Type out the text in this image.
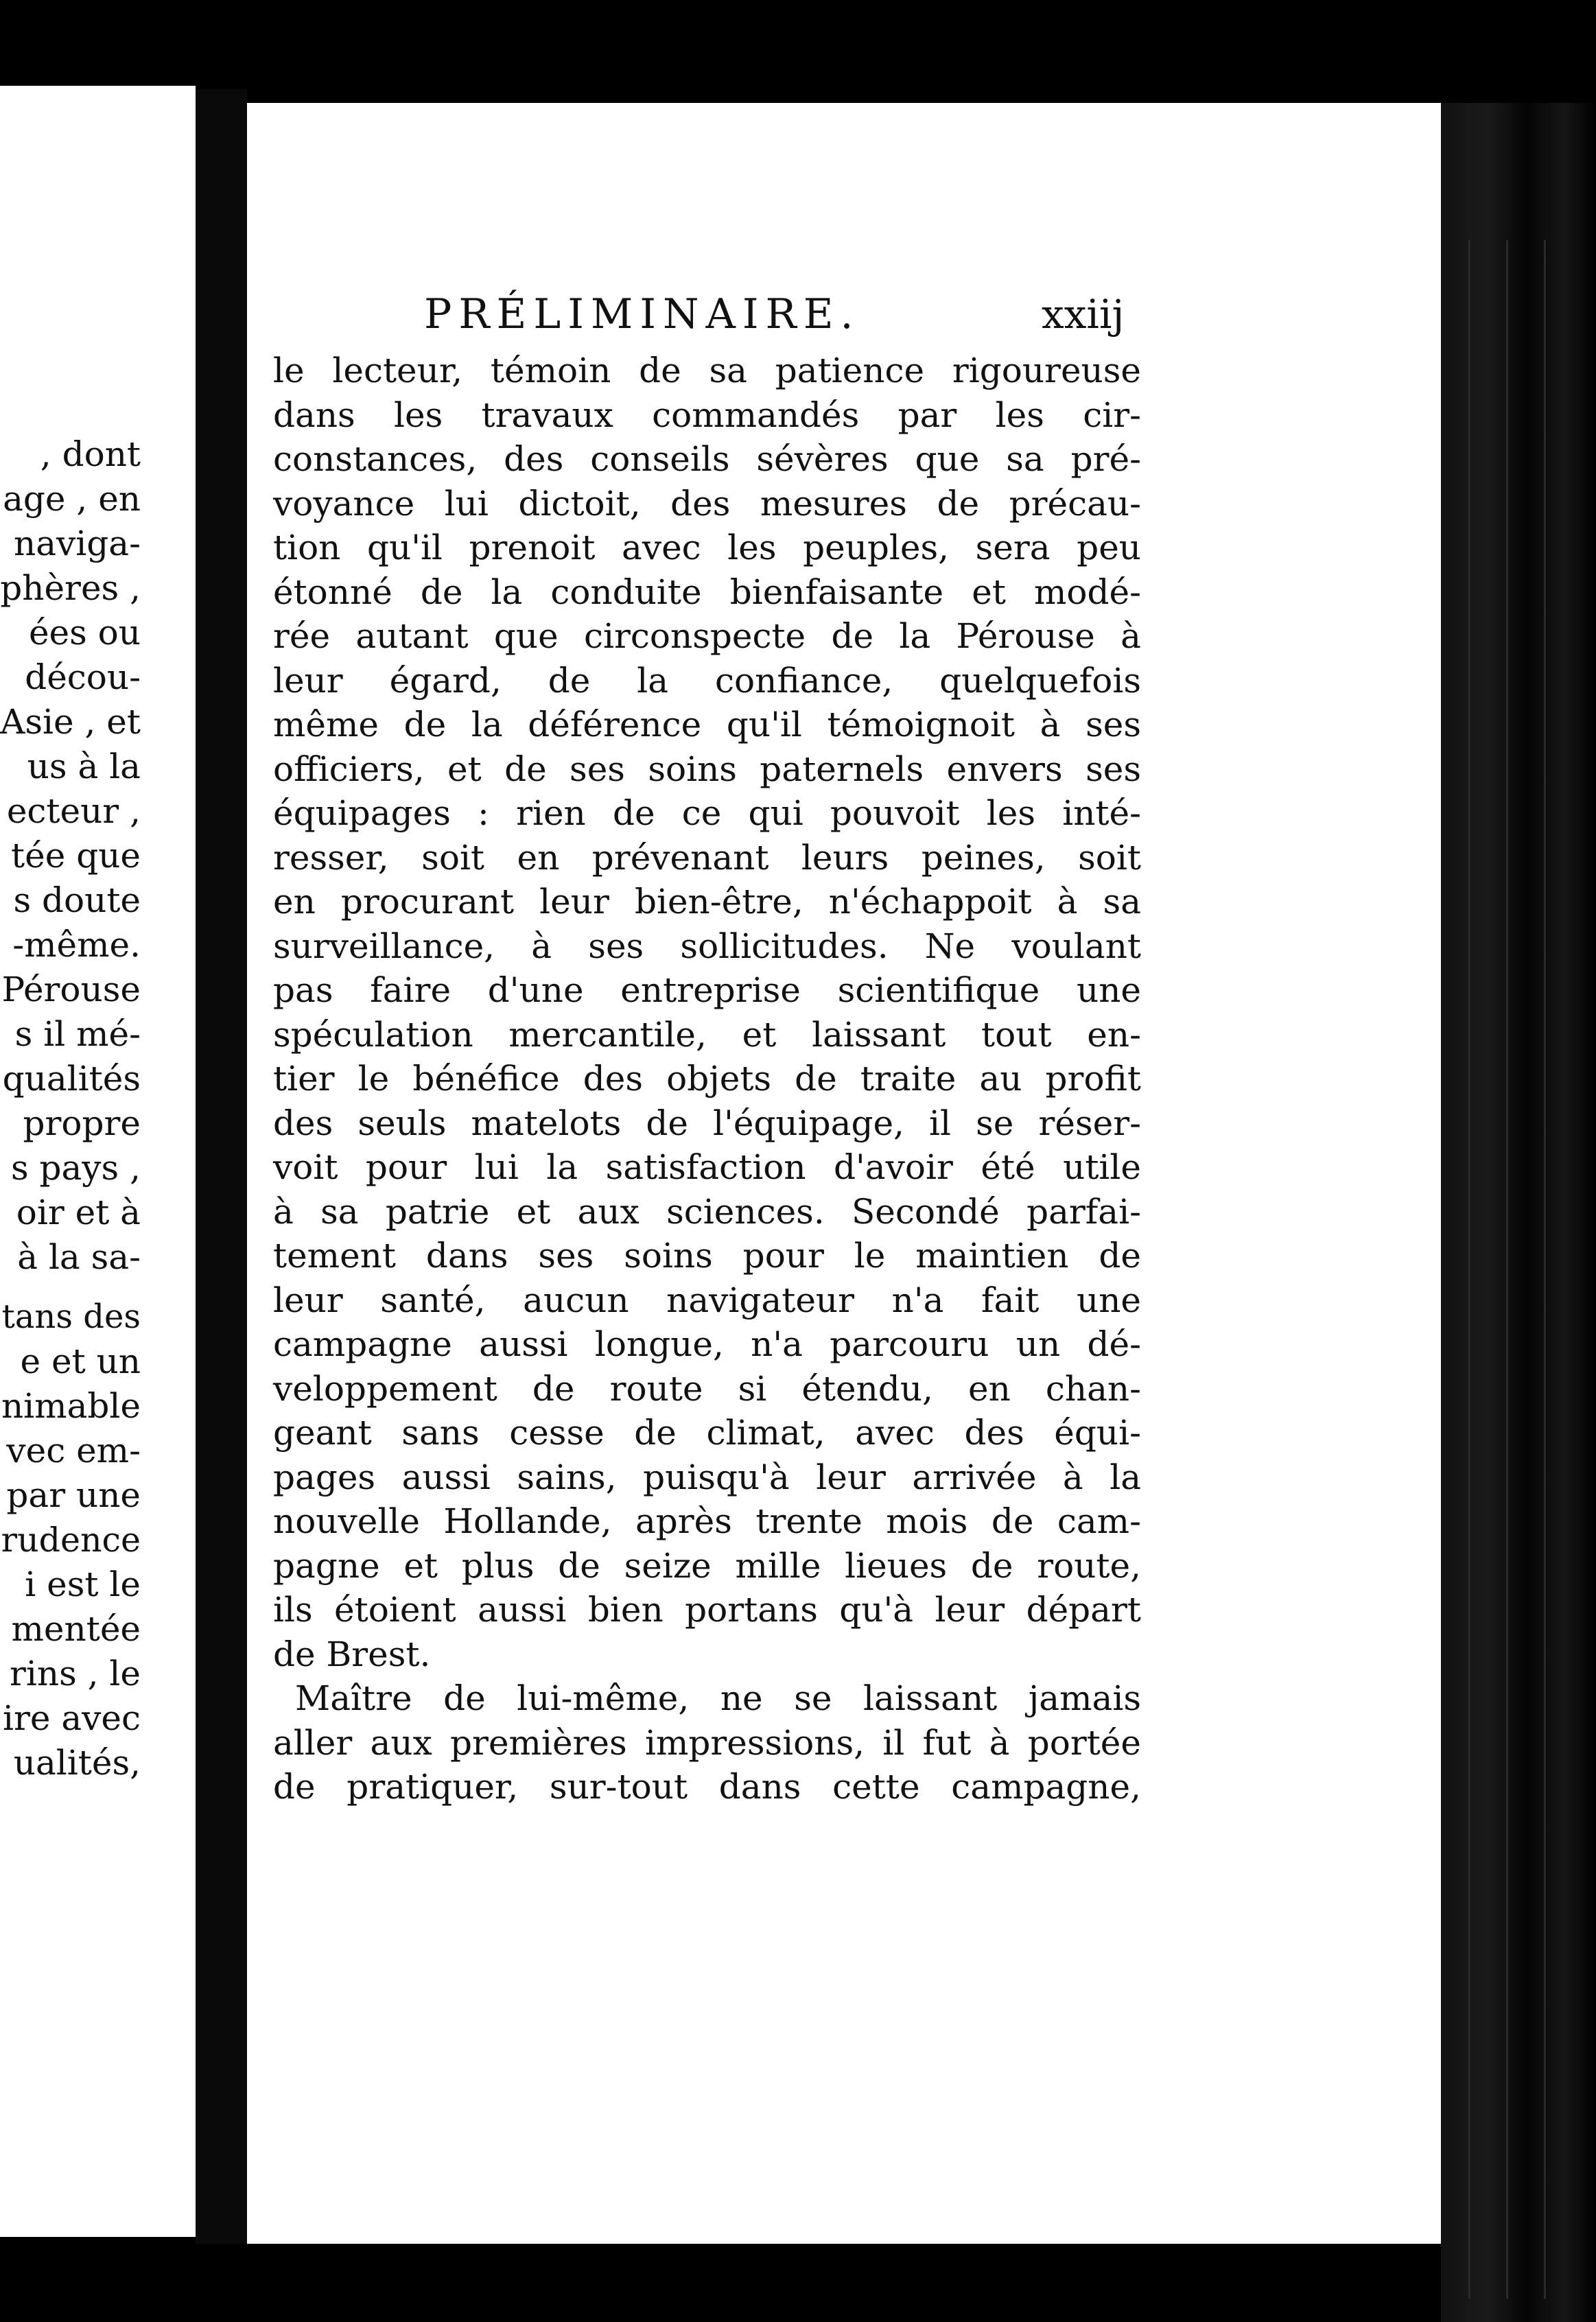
, dont
age , en
naviga-
phères ,
ées ou
décou-
Asie , et
us à la
ecteur ,
tée que
s doute
-même.
Pérouse
s il mé-
qualités
propre
s pays ,
oir et à
à la sa-
tans des
e et un
nimable
vec em-
par une
rudence
i est le
mentée
rins , le
ire avec
ualités,
PRÉLIMINAIRE.	xxiij
le lecteur, témoin de sa patience rigoureuse
dans les travaux commandés par les cir-
constances, des conseils sévères que sa pré-
voyance lui dictoit, des mesures de précau-
tion qu'il prenoit avec les peuples, sera peu
étonné de la conduite bienfaisante et modé-
rée autant que circonspecte de la Pérouse à
leur égard, de la confiance, quelquefois
même de la déférence qu'il témoignoit à ses
officiers, et de ses soins paternels envers ses
équipages : rien de ce qui pouvoit les inté-
resser, soit en prévenant leurs peines, soit
en procurant leur bien-être, n'échappoit à sa
surveillance, à ses sollicitudes. Ne voulant
pas faire d'une entreprise scientifique une
spéculation mercantile, et laissant tout en-
tier le bénéfice des objets de traite au profit
des seuls matelots de l'équipage, il se réser-
voit pour lui la satisfaction d'avoir été utile
à sa patrie et aux sciences. Secondé parfai-
tement dans ses soins pour le maintien de
leur santé, aucun navigateur n'a fait une
campagne aussi longue, n'a parcouru un dé-
veloppement de route si étendu, en chan-
geant sans cesse de climat, avec des équi-
pages aussi sains, puisqu'à leur arrivée à la
nouvelle Hollande, après trente mois de cam-
pagne et plus de seize mille lieues de route,
ils étoient aussi bien portans qu'à leur départ
de Brest.
Maître de lui-même, ne se laissant jamais
aller aux premières impressions, il fut à portée
de pratiquer, sur-tout dans cette campagne,
